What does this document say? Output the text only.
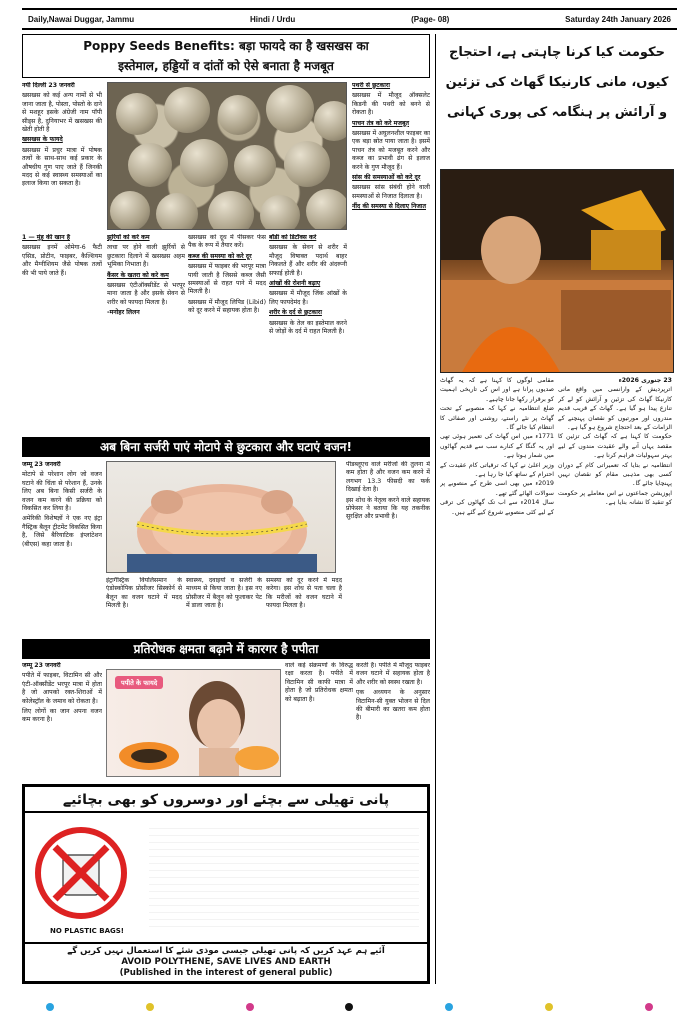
Daily,Nawai Duggar, Jammu	Hindi / Urdu	(Page- 08)	Saturday 24th January 2026
Poppy Seeds Benefits: बड़ा फायदे का है खसखस का
इस्तेमाल, हड्डियों व दांतों को ऐसे बनाता है मजबूत

नयी दिल्ली 23 जनवरी

खसखस को कई अन्य नामों से भी जाना जाता है, पोस्ता, पोस्तो के दाने से मशहूर इसके अंग्रेजी नाम पॉपी सीड्स है, दुनियाभर में खसखस की खेती होती है

खसखस के फायदे

खसखस में प्रचुर मात्रा में पोषक तत्वों के साथ-साथ कई प्रकार के औषधीय गुण पाए जाते हैं जिनकी मदद से कई स्वास्थ्य समस्याओं का इलाज किया जा सकता है।

1 — मुंह की खान है

खसखस इनमें ओमेगा-6 फैटी एसिड, प्रोटीन, फाइबर, कैल्शियम और मैग्नीशियम जैसे पोषक तत्वों की भी पाये जाते हैं।

झुर्रियों को करे कम

त्वचा पर होने वाली झुर्रियों से छुटकारा दिलाने में खसखस अहम भूमिका निभाता है।

कैंसर के खतरा को करे कम

खसखस एंटीऑक्सीडेंट से भरपूर माना जाता है और इसके सेवन से शरीर को फायदा मिलता है।

-मनोहर लिलन

खसखस को दूध में पीसकर फेस पैक के रूप में तैयार करें।

कब्ज की समस्या को करे दूर

खसखस में फाइबर की भरपूर मात्रा पायी जाती है जिससे कब्ज जैसी समस्याओं से राहत पाने में मदद मिलती है।

खसखस में मौजूद लिपिड (Libid) को दूर करने में सहायक होता है।

बॉडी को डिटॉक्स करे

खसखस के सेवन से शरीर में मौजूद विषाक्त पदार्थ बाहर निकलते हैं और शरीर की अंदरूनी सफाई होती है।

आंखों की रोशनी बढ़ाए

खसखस में मौजूद जिंक आंखों के लिए फायदेमंद है।

शरीर के दर्द से छुटकारा

खसखस के तेल का इस्तेमाल करने से जोड़ों के दर्द में राहत मिलती है।

पथरी से छुटकारा

खसखस में मौजूद ऑक्सलेट किडनी की पथरी को बनने से रोकता है।

पाचन तंत्र को करे मजबूत

खसखस में अघुलनशील फाइबर का एक बड़ा स्रोत पाया जाता है। इसमें पाचन तंत्र को मजबूत करने और कब्ज का प्रभावी ढंग से इलाज करने के गुण मौजूद हैं।

सांस की समस्याओं को करे दूर

खसखस सांस संबंधी होने वाली समस्याओं से निजात दिलाता है।

नींद की समस्या से दिलाए निजात

अब बिना सर्जरी पाएं मोटापे से छुटकारा और घटाएं वजन!

जम्मू 23 जनवरी

मोटापे से परेशान लोग जो वजन घटाने की चिंता से परेशान हैं, उनके लिए अब बिना किसी सर्जरी के वजन कम करने की प्रक्रिया को विकसित कर लिया है।

अमेरिकी विशेषज्ञों ने एक नए इंट्रा गैस्ट्रिक बैलून ट्रीटमेंट विकसित किया है, जिसे बैरियाटिक इंप्लांटेशन (बीएस) कहा जाता है।

इंट्रागैस्ट्रिक वियलिसमान के एंडोस्कोपिक प्रोसीजर सिस्कोर्न से बैलून का वजन घटाने में मदद मिलती है।

स्वास्थ्य, दवाइयों व सर्जरी के माध्यम से किया जाता है। इस नए प्रोसीजर में बैलून को फुलाकर पेट में डाला जाता है।

समस्या को दूर करने में मदद करेगा। इस शोध से पता चला है कि मरीजों को वजन घटाने में फायदा मिलता है।

पीडब्लूएच वाले मरीजों की तुलना में कम होता है और वजन कम करने में लगभग 13.3 फीसदी का फर्क दिखाई देता है।

इस शोध के नेतृत्व करने वाले सहायक प्रोफेसर ने बताया कि यह तकनीक सुरक्षित और प्रभावी है।

प्रतिरोधक क्षमता बढ़ाने में कारगर है पपीता

जम्मू 23 जनवरी

पपीते में फाइबर, विटामिन सी और एंटी-ऑक्सीडेंट भरपूर मात्रा में होता है जो आपको रक्त-शिराओं में कोलेस्ट्रॉल के जमाव को रोकता है।

लिए लोगों का जान अपना वजन कम करना है।

पपीते के फायदे

वाले कई संक्रमणों के विरुद्ध रक्षा करता है। पपीते में विटामिन सी काफी मात्रा में होता है जो प्रतिरोधक क्षमता को बढ़ाता है।

करती है। पपीते में मौजूद फाइबर वजन घटाने में सहायक होता है और शरीर को स्वस्थ रखता है।

एक अध्ययन के अनुसार विटामिन-सी युक्त भोजन से दिल की बीमारी का खतरा कम होता है।

پانی تھیلی سے بچئے اور دوسروں کو بھی بچائیے
NO PLASTIC BAGS!
آئیے ہم عہد کریں کہ پانی تھیلی جیسی موذی شئے کا استعمال نہیں کریں گے
AVOID POLYTHENE, SAVE LIVES AND EARTH
(Published in the interest of general public)
حکومت کیا کرنا چاہتی ہے، احتجاج کیوں، مانی کارنیکا گھاٹ کی تزئین و آرائش پر ہنگامہ کی پوری کہانی

23 جنوری 2026ء

اترپردیش کے وارانسی میں واقع مانی کارنیکا گھاٹ کی تزئین و آرائش کو لے کر تنازع پیدا ہو گیا ہے۔ گھاٹ کے قریب قدیم مندروں اور مورتیوں کو نقصان پہنچنے کے الزامات کے بعد احتجاج شروع ہو گیا ہے۔

حکومت کا کہنا ہے کہ گھاٹ کی تزئین کا مقصد یہاں آنے والے عقیدت مندوں کے لیے بہتر سہولیات فراہم کرنا ہے۔

انتظامیہ نے بتایا کہ تعمیراتی کام کے دوران کسی بھی مذہبی مقام کو نقصان نہیں پہنچایا جائے گا۔

اپوزیشن جماعتوں نے اس معاملے پر حکومت کو تنقید کا نشانہ بنایا ہے۔

مقامی لوگوں کا کہنا ہے کہ یہ گھاٹ صدیوں پرانا ہے اور اس کی تاریخی اہمیت کو برقرار رکھا جانا چاہیے۔

ضلع انتظامیہ نے کہا کہ منصوبے کے تحت گھاٹ پر نئے راستے، روشنی اور صفائی کا انتظام کیا جائے گا۔

1771ء میں اس گھاٹ کی تعمیر ہوئی تھی اور یہ گنگا کے کنارے سب سے قدیم گھاٹوں میں شمار ہوتا ہے۔

وزیر اعلیٰ نے کہا کہ ترقیاتی کام عقیدت کے احترام کے ساتھ کیا جا رہا ہے۔

2019ء میں بھی اسی طرح کے منصوبے پر سوالات اٹھائے گئے تھے۔

سال 2014ء سے اب تک گھاٹوں کی ترقی کے لیے کئی منصوبے شروع کیے گئے ہیں۔
